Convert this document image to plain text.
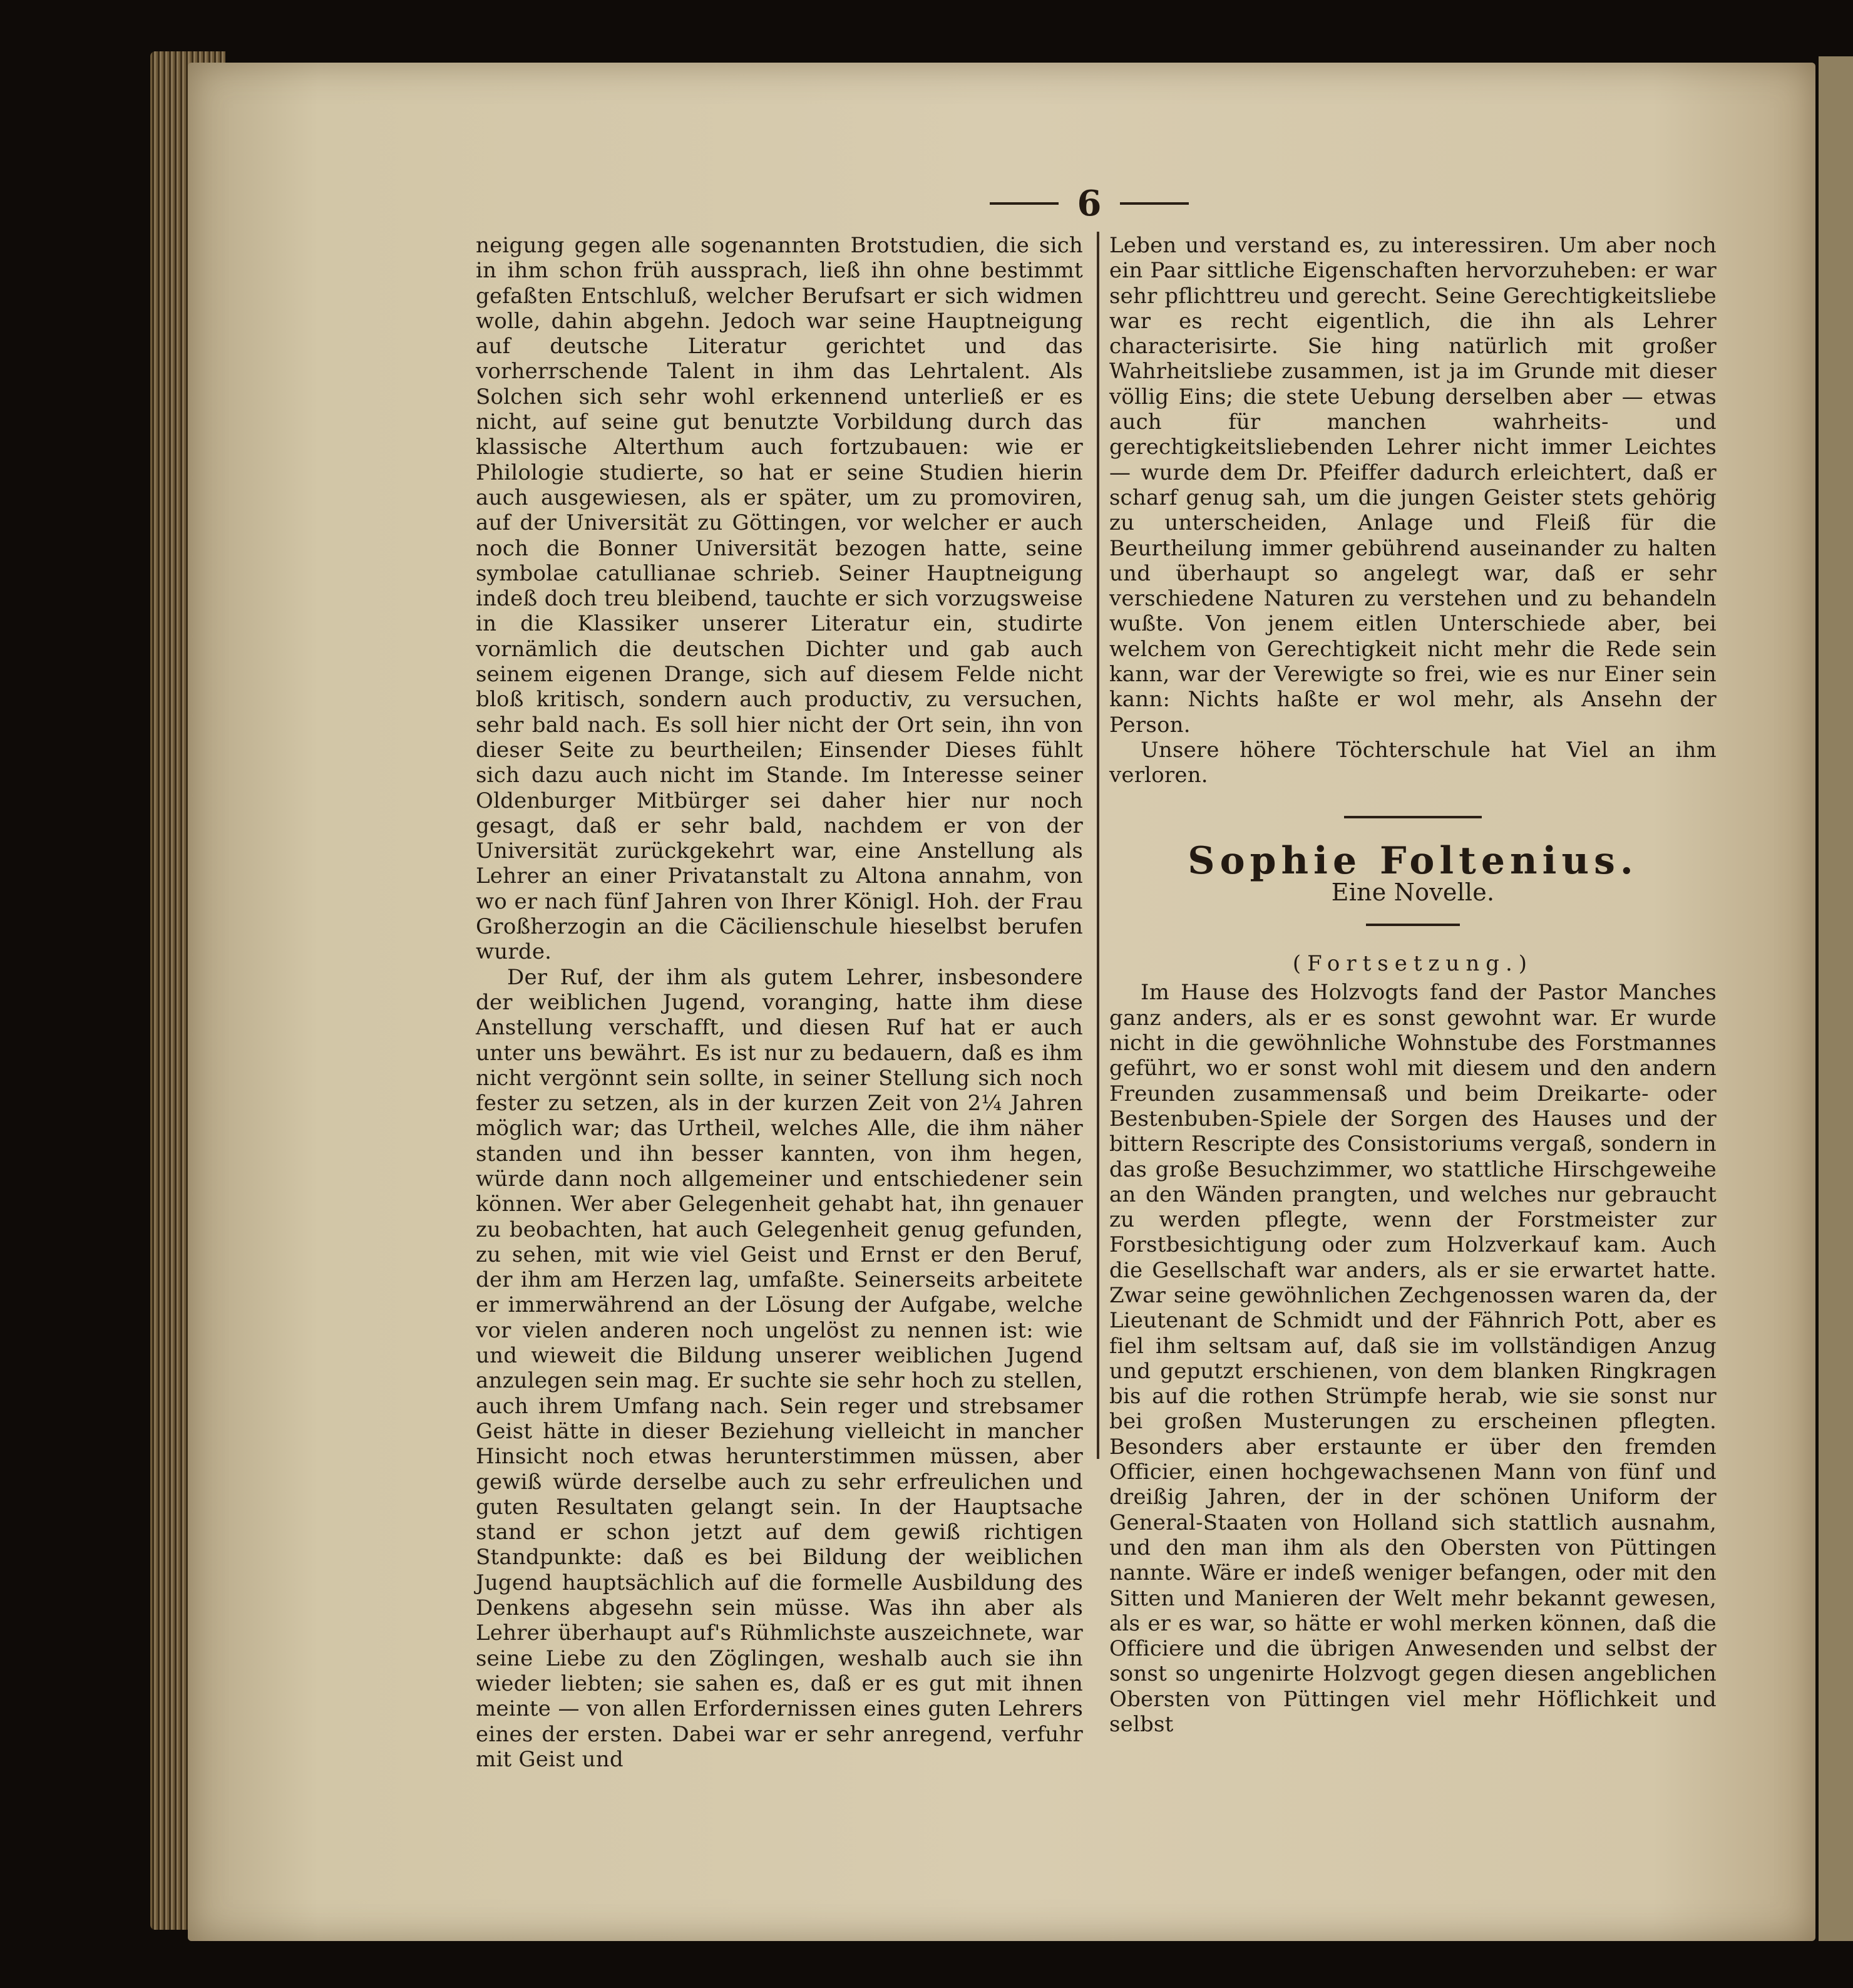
6

neigung gegen alle sogenannten Brotstudien, die sich in ihm schon früh aussprach, ließ ihn ohne bestimmt gefaßten Entschluß, welcher Berufsart er sich widmen wolle, dahin abgehn. Jedoch war seine Hauptneigung auf deutsche Literatur gerichtet und das vorherrschende Talent in ihm das Lehrtalent. Als Solchen sich sehr wohl erkennend unterließ er es nicht, auf seine gut benutzte Vorbildung durch das klassische Alterthum auch fortzubauen: wie er Philologie studierte, so hat er seine Studien hierin auch ausgewiesen, als er später, um zu promoviren, auf der Universität zu Göttingen, vor welcher er auch noch die Bonner Universität bezogen hatte, seine symbolae catullianae schrieb. Seiner Hauptneigung indeß doch treu bleibend, tauchte er sich vorzugsweise in die Klassiker unserer Literatur ein, studirte vornämlich die deutschen Dichter und gab auch seinem eigenen Drange, sich auf diesem Felde nicht bloß kritisch, sondern auch productiv, zu versuchen, sehr bald nach. Es soll hier nicht der Ort sein, ihn von dieser Seite zu beurtheilen; Einsender Dieses fühlt sich dazu auch nicht im Stande. Im Interesse seiner Oldenburger Mitbürger sei daher hier nur noch gesagt, daß er sehr bald, nachdem er von der Universität zurückgekehrt war, eine Anstellung als Lehrer an einer Privatanstalt zu Altona annahm, von wo er nach fünf Jahren von Ihrer Königl. Hoh. der Frau Großherzogin an die Cäcilienschule hieselbst berufen wurde.

Der Ruf, der ihm als gutem Lehrer, insbesondere der weiblichen Jugend, voranging, hatte ihm diese Anstellung verschafft, und diesen Ruf hat er auch unter uns bewährt. Es ist nur zu bedauern, daß es ihm nicht vergönnt sein sollte, in seiner Stellung sich noch fester zu setzen, als in der kurzen Zeit von 2¼ Jahren möglich war; das Urtheil, welches Alle, die ihm näher standen und ihn besser kannten, von ihm hegen, würde dann noch allgemeiner und entschiedener sein können. Wer aber Gelegenheit gehabt hat, ihn genauer zu beobachten, hat auch Gelegenheit genug gefunden, zu sehen, mit wie viel Geist und Ernst er den Beruf, der ihm am Herzen lag, umfaßte. Seinerseits arbeitete er immerwährend an der Lösung der Aufgabe, welche vor vielen anderen noch ungelöst zu nennen ist: wie und wieweit die Bildung unserer weiblichen Jugend anzulegen sein mag. Er suchte sie sehr hoch zu stellen, auch ihrem Umfang nach. Sein reger und strebsamer Geist hätte in dieser Beziehung vielleicht in mancher Hinsicht noch etwas herunterstimmen müssen, aber gewiß würde derselbe auch zu sehr erfreulichen und guten Resultaten gelangt sein. In der Hauptsache stand er schon jetzt auf dem gewiß richtigen Standpunkte: daß es bei Bildung der weiblichen Jugend hauptsächlich auf die formelle Ausbildung des Denkens abgesehn sein müsse. Was ihn aber als Lehrer überhaupt auf's Rühmlichste auszeichnete, war seine Liebe zu den Zöglingen, weshalb auch sie ihn wieder liebten; sie sahen es, daß er es gut mit ihnen meinte — von allen Erfordernissen eines guten Lehrers eines der ersten. Dabei war er sehr anregend, verfuhr mit Geist und

Leben und verstand es, zu interessiren. Um aber noch ein Paar sittliche Eigenschaften hervorzuheben: er war sehr pflichttreu und gerecht. Seine Gerechtigkeitsliebe war es recht eigentlich, die ihn als Lehrer characterisirte. Sie hing natürlich mit großer Wahrheitsliebe zusammen, ist ja im Grunde mit dieser völlig Eins; die stete Uebung derselben aber — etwas auch für manchen wahrheits- und gerechtigkeitsliebenden Lehrer nicht immer Leichtes — wurde dem Dr. Pfeiffer dadurch erleichtert, daß er scharf genug sah, um die jungen Geister stets gehörig zu unterscheiden, Anlage und Fleiß für die Beurtheilung immer gebührend auseinander zu halten und überhaupt so angelegt war, daß er sehr verschiedene Naturen zu verstehen und zu behandeln wußte. Von jenem eitlen Unterschiede aber, bei welchem von Gerechtigkeit nicht mehr die Rede sein kann, war der Verewigte so frei, wie es nur Einer sein kann: Nichts haßte er wol mehr, als Ansehn der Person.

Unsere höhere Töchterschule hat Viel an ihm verloren.

Sophie Foltenius.
Eine Novelle.
(Fortsetzung.)

Im Hause des Holzvogts fand der Pastor Manches ganz anders, als er es sonst gewohnt war. Er wurde nicht in die gewöhnliche Wohnstube des Forstmannes geführt, wo er sonst wohl mit diesem und den andern Freunden zusammensaß und beim Dreikarte- oder Bestenbuben-Spiele der Sorgen des Hauses und der bittern Rescripte des Consistoriums vergaß, sondern in das große Besuchzimmer, wo stattliche Hirschgeweihe an den Wänden prangten, und welches nur gebraucht zu werden pflegte, wenn der Forstmeister zur Forstbesichtigung oder zum Holzverkauf kam. Auch die Gesellschaft war anders, als er sie erwartet hatte. Zwar seine gewöhnlichen Zechgenossen waren da, der Lieutenant de Schmidt und der Fähnrich Pott, aber es fiel ihm seltsam auf, daß sie im vollständigen Anzug und geputzt erschienen, von dem blanken Ringkragen bis auf die rothen Strümpfe herab, wie sie sonst nur bei großen Musterungen zu erscheinen pflegten. Besonders aber erstaunte er über den fremden Officier, einen hochgewachsenen Mann von fünf und dreißig Jahren, der in der schönen Uniform der General-Staaten von Holland sich stattlich ausnahm, und den man ihm als den Obersten von Püttingen nannte. Wäre er indeß weniger befangen, oder mit den Sitten und Manieren der Welt mehr bekannt gewesen, als er es war, so hätte er wohl merken können, daß die Officiere und die übrigen Anwesenden und selbst der sonst so ungenirte Holzvogt gegen diesen angeblichen Obersten von Püttingen viel mehr Höflichkeit und selbst
